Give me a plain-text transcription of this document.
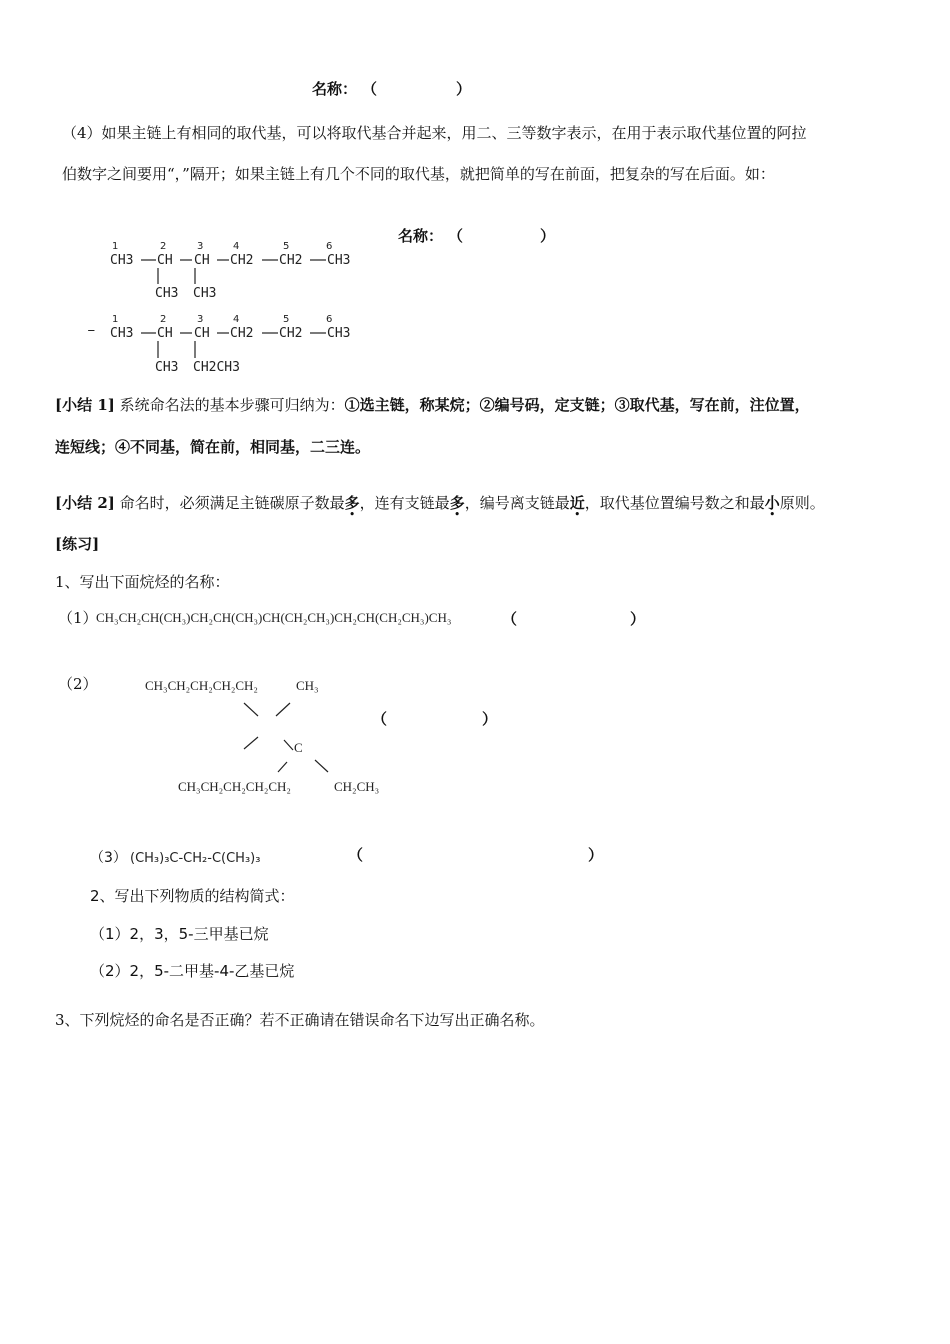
名称： （	）
（4）如果主链上有相同的取代基，可以将取代基合并起来，用二、三等数字表示，在用于表示取代基位置的阿拉
伯数字之间要用“，”隔开；如果主链上有几个不同的取代基，就把简单的写在前面，把复杂的写在后面。如：
名称： （	）
1	2	3	4	5	6
CH3 CH CH CH2 CH2 CH3
CH3 CH3
ⲻ
1	2	3	4	5	6
CH3 CH CH CH2 CH2 CH3
CH3 CH2CH3
[小结 1] 系统命名法的基本步骤可归纳为：①选主链，称某烷；②编号码，定支链；③取代基，写在前，注位置，
连短线；④不同基，简在前，相同基，二三连。
[小结 2] 命名时，必须满足主链碳原子数最多，连有支链最多，编号离支链最近，取代基位置编号数之和最小原则。
[练习]
1、写出下面烷烃的名称：
（1）
CH₃CH₂CH(CH₃)CH₂CH(CH₃)CH(CH₂CH₃)CH₂CH(CH₂CH₃)CH₃	（	）
（2）	CH₃CH₂CH₂CH₂CH₂	CH₃
C
CH₃CH₂CH₂CH₂CH₂	CH₂CH₃
（	）
（3） (CH₃)₃C-CH₂-C(CH₃)₃	（	）
2、写出下列物质的结构简式：
（1）2，3，5-三甲基已烷
（2）2，5-二甲基-4-乙基已烷
3、下列烷烃的命名是否正确？若不正确请在错误命名下边写出正确名称。
